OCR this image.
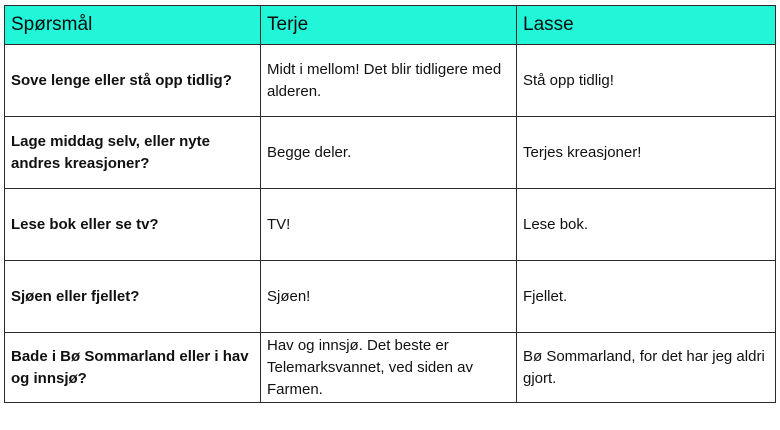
Spørsmål	Terje	Lasse
Sove lenge eller stå opp tidlig?	Midt i mellom! Det blir tidligere med alderen.	Stå opp tidlig!
Lage middag selv, eller nyte andres kreasjoner?	Begge deler.	Terjes kreasjoner!
Lese bok eller se tv?	TV!	Lese bok.
Sjøen eller fjellet?	Sjøen!	Fjellet.
Bade i Bø Sommarland eller i hav og innsjø?	Hav og innsjø. Det beste er Telemarksvannet, ved siden av Farmen.	Bø Sommarland, for det har jeg aldri gjort.
